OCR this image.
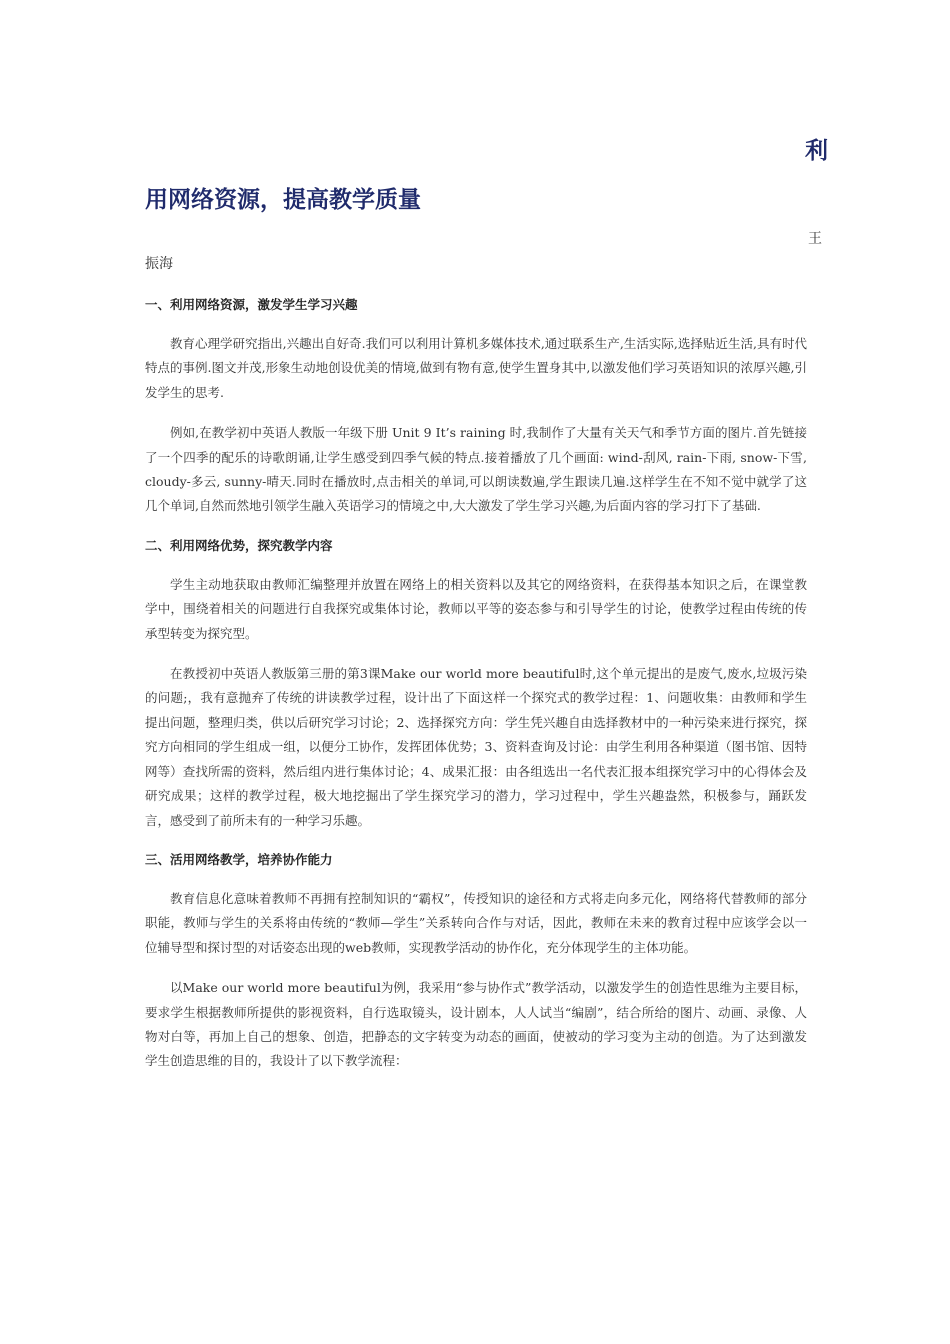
利
用网络资源，提高教学质量
王
振海
一、利用网络资源，激发学生学习兴趣

教育心理学研究指出,兴趣出自好奇.我们可以利用计算机多媒体技术,通过联系生产,生活实际,选择贴近生活,具有时代特点的事例.图文并茂,形象生动地创设优美的情境,做到有物有意,使学生置身其中,以激发他们学习英语知识的浓厚兴趣,引发学生的思考.

例如,在教学初中英语人教版一年级下册 Unit 9 It’s raining 时,我制作了大量有关天气和季节方面的图片.首先链接了一个四季的配乐的诗歌朗诵,让学生感受到四季气候的特点.接着播放了几个画面: wind-刮风, rain-下雨, snow-下雪, cloudy-多云, sunny-晴天.同时在播放时,点击相关的单词,可以朗读数遍,学生跟读几遍.这样学生在不知不觉中就学了这几个单词,自然而然地引领学生融入英语学习的情境之中,大大激发了学生学习兴趣,为后面内容的学习打下了基础.

二、利用网络优势，探究教学内容

学生主动地获取由教师汇编整理并放置在网络上的相关资料以及其它的网络资料，在获得基本知识之后，在课堂教学中，围绕着相关的问题进行自我探究或集体讨论，教师以平等的姿态参与和引导学生的讨论，使教学过程由传统的传承型转变为探究型。

在教授初中英语人教版第三册的第3课Make our world more beautiful时,这个单元提出的是废气,废水,垃圾污染的问题;，我有意抛弃了传统的讲读教学过程，设计出了下面这样一个探究式的教学过程：1、问题收集：由教师和学生提出问题，整理归类，供以后研究学习讨论；2、选择探究方向：学生凭兴趣自由选择教材中的一种污染来进行探究，探究方向相同的学生组成一组，以便分工协作，发挥团体优势；3、资料查询及讨论：由学生利用各种渠道（图书馆、因特网等）查找所需的资料，然后组内进行集体讨论；4、成果汇报：由各组选出一名代表汇报本组探究学习中的心得体会及研究成果；这样的教学过程，极大地挖掘出了学生探究学习的潜力，学习过程中，学生兴趣盎然，积极参与，踊跃发言，感受到了前所未有的一种学习乐趣。

三、活用网络教学，培养协作能力

教育信息化意味着教师不再拥有控制知识的“霸权”，传授知识的途径和方式将走向多元化，网络将代替教师的部分职能，教师与学生的关系将由传统的“教师—学生”关系转向合作与对话，因此，教师在未来的教育过程中应该学会以一位辅导型和探讨型的对话姿态出现的web教师，实现教学活动的协作化，充分体现学生的主体功能。

以Make our world more beautiful为例，我采用“参与协作式”教学活动，以激发学生的创造性思维为主要目标，要求学生根据教师所提供的影视资料，自行选取镜头，设计剧本，人人试当“编剧”，结合所给的图片、动画、录像、人物对白等，再加上自己的想象、创造，把静态的文字转变为动态的画面，使被动的学习变为主动的创造。为了达到激发学生创造思维的目的，我设计了以下教学流程：
